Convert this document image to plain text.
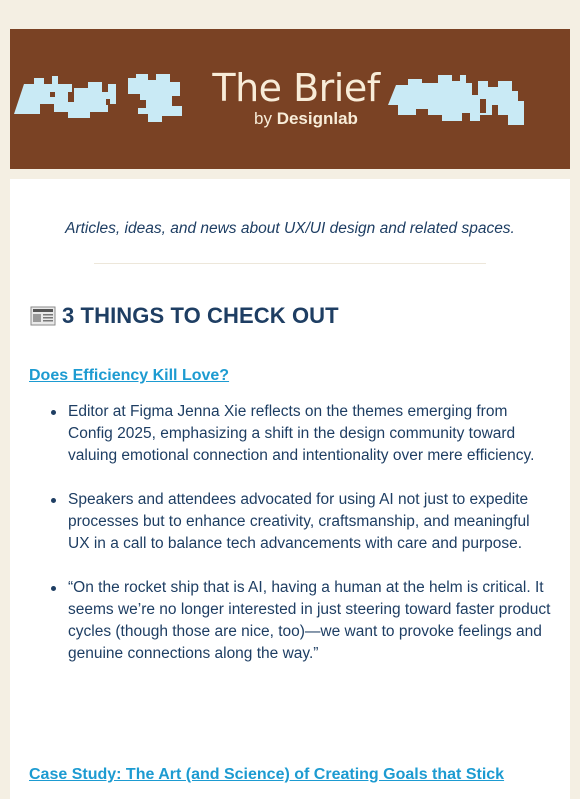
The Brief
by Designlab
Articles, ideas, and news about UX/UI design and related spaces.
3 THINGS TO CHECK OUT
Does Efficiency Kill Love?
Editor at Figma Jenna Xie reflects on the themes emerging from Config 2025, emphasizing a shift in the design community toward valuing emotional connection and intentionality over mere efficiency.
Speakers and attendees advocated for using AI not just to expedite processes but to enhance creativity, craftsmanship, and meaningful UX in a call to balance tech advancements with care and purpose.
“On the rocket ship that is AI, having a human at the helm is critical. It seems we’re no longer interested in just steering toward faster product cycles (though those are nice, too)—we want to provoke feelings and genuine connections along the way.”
Case Study: The Art (and Science) of Creating Goals that Stick
